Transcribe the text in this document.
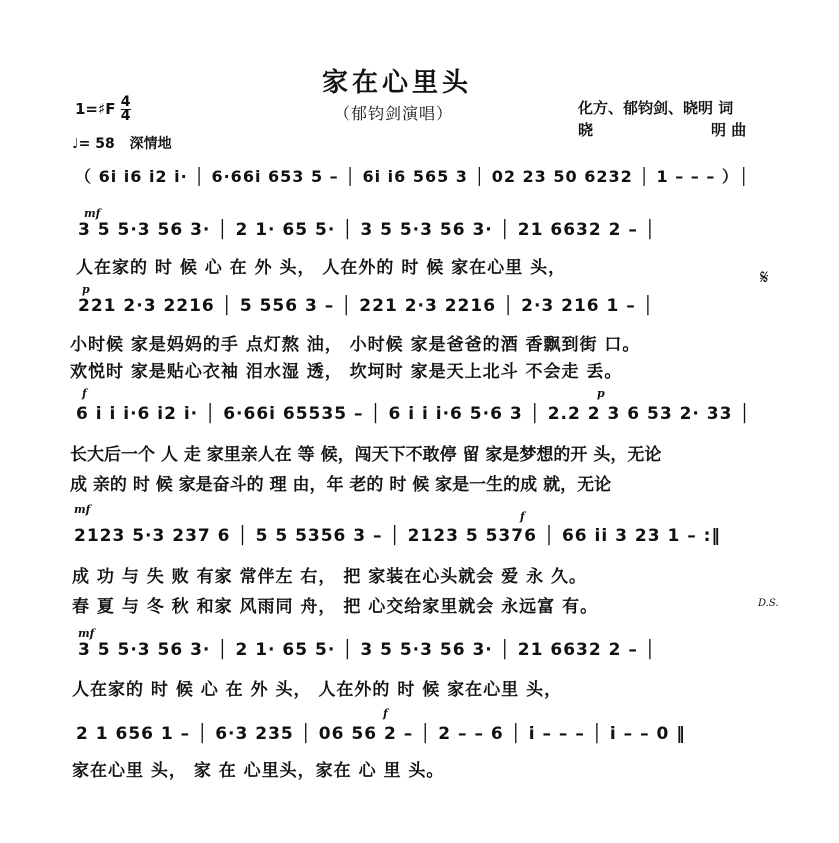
家在心里头
（郁钧剑演唱）	化方、郁钧剑、晓明 词
晓	明 曲
1=♯F $\frac{4}{4}$
♩= 58 深情地
（ 6i i6 i2 i· │ 6·66i 653 5 – │ 6i i6 565 3 │ 02 23 50 6232 │ 1 – – – ）│
mf
3 5 5·3 56 3· │ 2 1· 65 5· │ 3 5 5·3 56 3· │ 21 6632 2 – │
人在家的 时 候 心 在 外 头， 人在外的 时 候 家在心里 头，
p
221 2·3 2216 │ 5 556 3 – │ 221 2·3 2216 │ 2·3 216 1 – │
𝄋
小时候 家是妈妈的手 点灯熬 油， 小时候 家是爸爸的酒 香飘到街 口。
欢悦时 家是贴心衣袖 泪水湿 透， 坎坷时 家是天上北斗 不会走 丢。
f	p
6 i i i·6 i2 i· │ 6·66i 65535 – │ 6 i i i·6 5·6 3 │ 2.2 2 3 6 53 2· 33 │
长大后一个 人 走 家里亲人在 等 候，闯天下不敢停 留 家是梦想的开 头，无论
成 亲的 时 候 家是奋斗的 理 由，年 老的 时 候 家是一生的成 就，无论
mf
f
2123 5·3 237 6 │ 5 5 5356 3 – │ 2123 5 5376 │ 66 ii 3 23 1 – :‖
成 功 与 失 败 有家 常伴左 右， 把 家装在心头就会 爱 永 久。
春 夏 与 冬 秋 和家 风雨同 舟， 把 心交给家里就会 永远富 有。	D.S.
mf
3 5 5·3 56 3· │ 2 1· 65 5· │ 3 5 5·3 56 3· │ 21 6632 2 – │
人在家的 时 候 心 在 外 头， 人在外的 时 候 家在心里 头，
f
2 1 656 1 – │ 6·3 235 │ 06 56 2 – │ 2 – – 6 │ i – – – │ i – – 0 ‖
家在心里 头， 家 在 心里头，家在 心 里 头。
